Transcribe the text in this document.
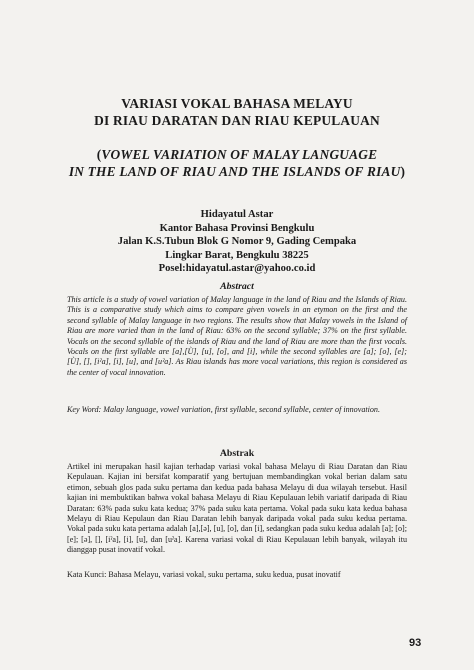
VARIASI VOKAL BAHASA MELAYU
DI RIAU DARATAN DAN RIAU KEPULAUAN
(VOWEL VARIATION OF MALAY LANGUAGE
IN THE LAND OF RIAU AND THE ISLANDS OF RIAU)
Hidayatul Astar
Kantor Bahasa Provinsi Bengkulu
Jalan K.S.Tubun Blok G Nomor 9, Gading Cempaka
Lingkar Barat, Bengkulu 38225
Posel:hidayatul.astar@yahoo.co.id
Abstract
This article is a study of vowel variation of Malay language in the land of Riau and the Islands of Riau. This is a comparative study which aims to compare given vowels in an etymon on the first and the second syllable of Malay language in two regions. The results show that Malay vowels in the Island of Riau are more varied than in the land of Riau: 63% on the second syllable; 37% on the first syllable. Vocals on the second syllable of the islands of Riau and the land of Riau are more than the first vocals. Vocals on the first syllable are [a],[Ù], [u], [o], and [i], while the second syllables are [a]; [o], [e]; [Ù], [], [iˀa], [i], [u], and [uˀa]. As Riau islands has more vocal variations, this region is considered as the center of vocal innovation.
Key Word: Malay language, vowel variation, first syllable, second syllable, center of innovation.
Abstrak
Artikel ini merupakan hasil kajian terhadap variasi vokal bahasa Melayu di Riau Daratan dan Riau Kepulauan. Kajian ini bersifat komparatif yang bertujuan membandingkan vokal berian dalam satu etimon, sebuah glos pada suku pertama dan kedua pada bahasa Melayu di dua wilayah tersebut. Hasil kajian ini membuktikan bahwa vokal bahasa Melayu di Riau Kepulauan lebih variatif daripada di Riau Daratan: 63% pada suku kata kedua; 37% pada suku kata pertama. Vokal pada suku kata kedua bahasa Melayu di Riau Kepulaun dan Riau Daratan lebih banyak daripada vokal pada suku kedua pertama. Vokal pada suku kata pertama adalah [a],[ə], [u], [o], dan [i], sedangkan pada suku kedua adalah [a]; [o]; [e]; [ə], [], [iˀa], [i], [u], dan [uˀa]. Karena variasi vokal di Riau Kepulauan lebih banyak, wilayah itu dianggap pusat inovatif vokal.
Kata Kunci: Bahasa Melayu, variasi vokal, suku pertama, suku kedua, pusat inovatif
93
